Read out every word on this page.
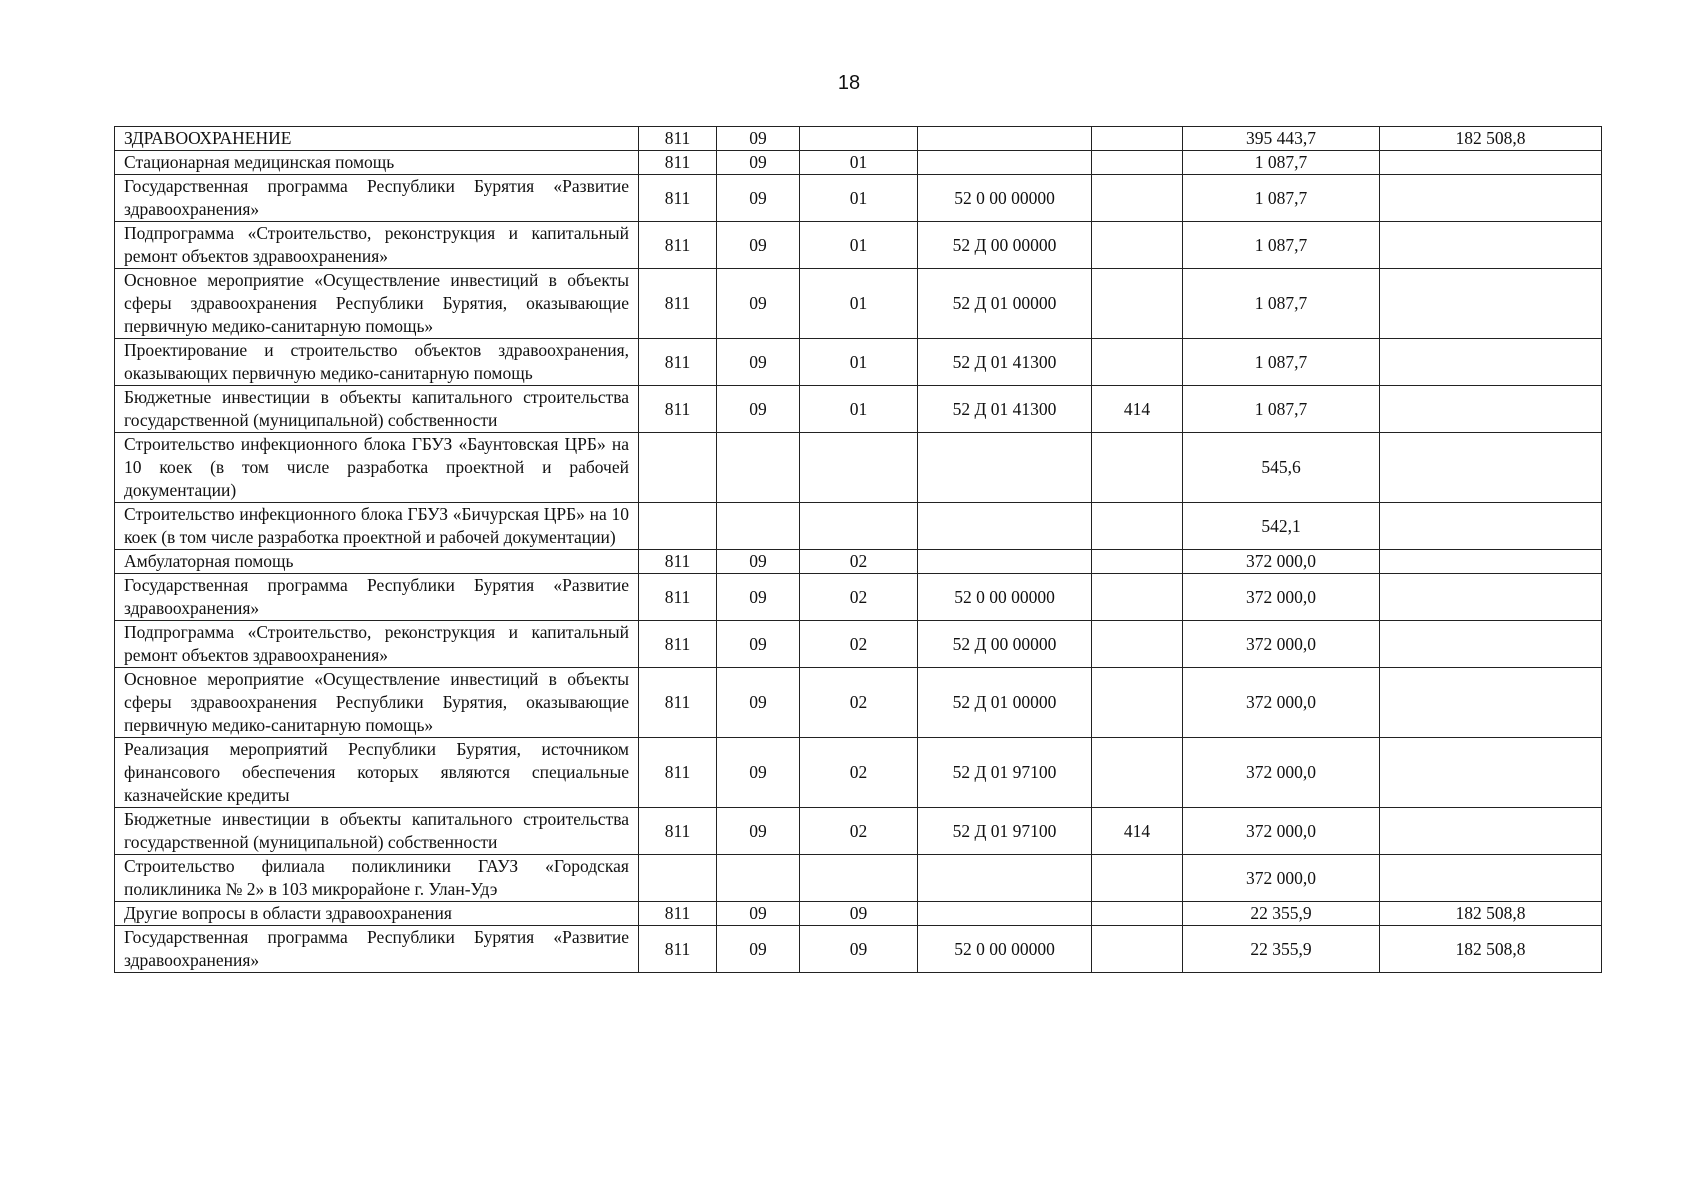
18
ЗДРАВООХРАНЕНИЕ	811	09				395 443,7	182 508,8
Стационарная медицинская помощь	811	09	01			1 087,7	
Государственная программа Республики Бурятия «Развитие здравоохранения»	811	09	01	52 0 00 00000		1 087,7	
Подпрограмма «Строительство, реконструкция и капитальный ремонт объектов здравоохранения»	811	09	01	52 Д 00 00000		1 087,7	
Основное мероприятие «Осуществление инвестиций в объекты сферы здравоохранения Республики Бурятия, оказывающие первичную медико-санитарную помощь»	811	09	01	52 Д 01 00000		1 087,7	
Проектирование и строительство объектов здравоохранения, оказывающих первичную медико-санитарную помощь	811	09	01	52 Д 01 41300		1 087,7	
Бюджетные инвестиции в объекты капитального строительства государственной (муниципальной) собственности	811	09	01	52 Д 01 41300	414	1 087,7	
Строительство инфекционного блока ГБУЗ «Баунтовская ЦРБ» на 10 коек (в том числе разработка проектной и рабочей документации)						545,6	
Строительство инфекционного блока ГБУЗ «Бичурская ЦРБ» на 10 коек (в том числе разработка проектной и рабочей документации)						542,1	
Амбулаторная помощь	811	09	02			372 000,0	
Государственная программа Республики Бурятия «Развитие здравоохранения»	811	09	02	52 0 00 00000		372 000,0	
Подпрограмма «Строительство, реконструкция и капитальный ремонт объектов здравоохранения»	811	09	02	52 Д 00 00000		372 000,0	
Основное мероприятие «Осуществление инвестиций в объекты сферы здравоохранения Республики Бурятия, оказывающие первичную медико-санитарную помощь»	811	09	02	52 Д 01 00000		372 000,0	
Реализация мероприятий Республики Бурятия, источником финансового обеспечения которых являются специальные казначейские кредиты	811	09	02	52 Д 01 97100		372 000,0	
Бюджетные инвестиции в объекты капитального строительства государственной (муниципальной) собственности	811	09	02	52 Д 01 97100	414	372 000,0	
Строительство филиала поликлиники ГАУЗ «Городская поликлиника № 2» в 103 микрорайоне г. Улан-Удэ						372 000,0	
Другие вопросы в области здравоохранения	811	09	09			22 355,9	182 508,8
Государственная программа Республики Бурятия «Развитие здравоохранения»	811	09	09	52 0 00 00000		22 355,9	182 508,8
